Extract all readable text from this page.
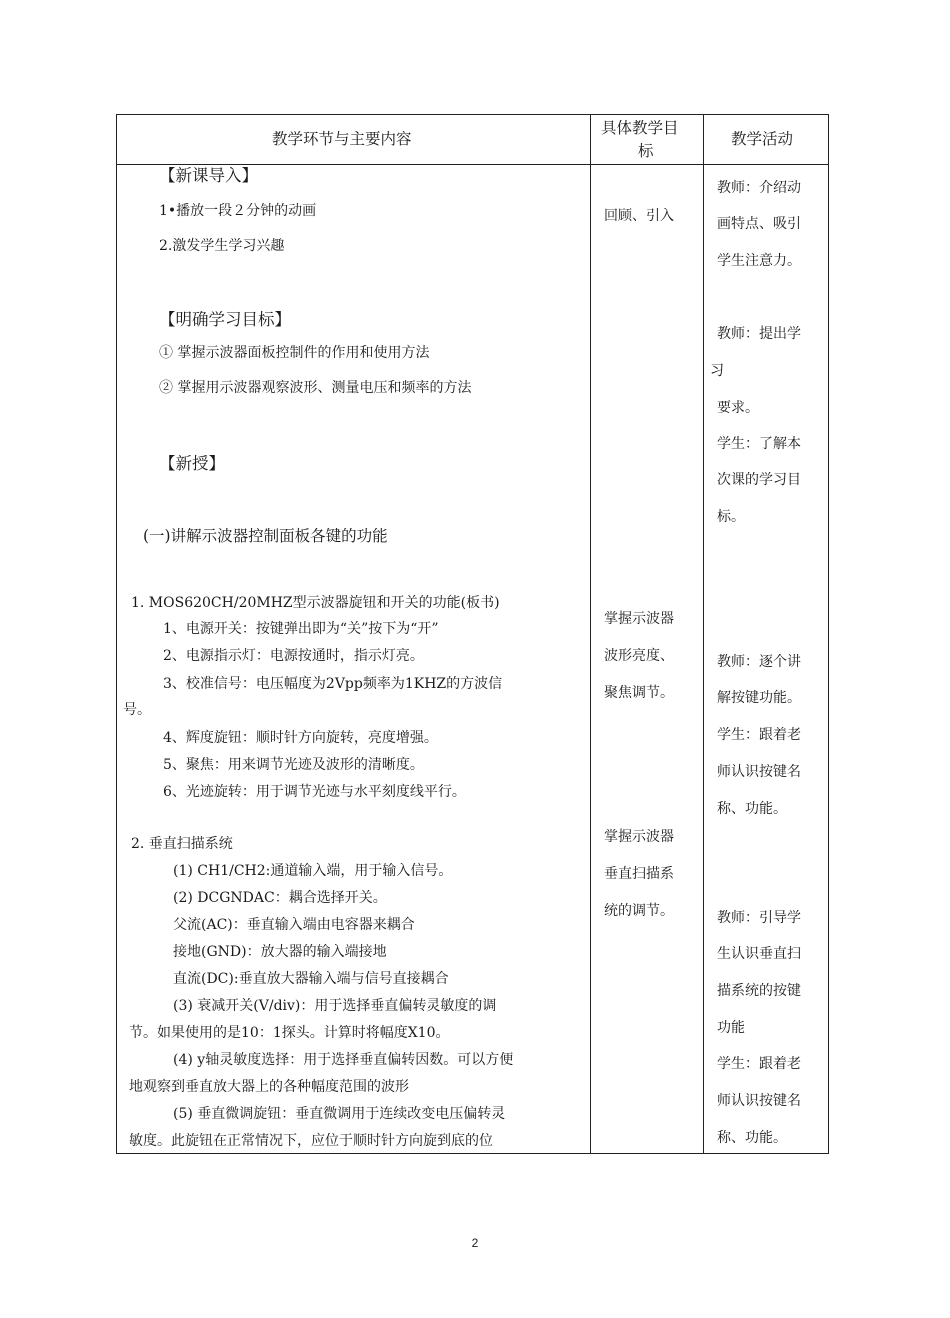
教学环节与主要内容
具体教学目
标
教学活动
【新课导入】
1•播放一段２分钟的动画
2.激发学生学习兴趣
【明确学习目标】
① 掌握示波器面板控制件的作用和使用方法
② 掌握用示波器观察波形、测量电压和频率的方法
【新授】
(一)讲解示波器控制面板各键的功能
1. MOS620CH/20MHZ型示波器旋钮和开关的功能(板书)
1、电源开关：按键弹出即为“关”按下为“开”
2、电源指示灯：电源按通时，指示灯亮。
3、校准信号：电压幅度为2Vpp频率为1KHZ的方波信
号。
4、辉度旋钮：顺时针方向旋转，亮度增强。
5、聚焦：用来调节光迹及波形的清晰度。
6、光迹旋转：用于调节光迹与水平刻度线平行。
2. 垂直扫描系统
(1) CH1/CH2:通道输入端，用于输入信号。
(2) DCGNDAC：耦合选择开关。
父流(AC)：垂直输入端由电容器来耦合
接地(GND)：放大器的输入端接地
直流(DC):垂直放大器输入端与信号直接耦合
(3) 衰减开关(V/div)：用于选择垂直偏转灵敏度的调
节。如果使用的是10：1探头。计算时将幅度X10。
(4) y轴灵敏度选择：用于选择垂直偏转因数。可以方便
地观察到垂直放大器上的各种幅度范围的波形
(5) 垂直微调旋钮：垂直微调用于连续改变电压偏转灵
敏度。此旋钮在正常情况下，应位于顺时针方向旋到底的位
回顾、引入
掌握示波器
波形亮度、
聚焦调节。
掌握示波器
垂直扫描系
统的调节。
教师：介绍动
画特点、吸引
学生注意力。
教师：提出学
习
要求。
学生：了解本
次课的学习目
标。
教师：逐个讲
解按键功能。
学生：跟着老
师认识按键名
称、功能。
教师：引导学
生认识垂直扫
描系统的按键
功能
学生：跟着老
师认识按键名
称、功能。
2
